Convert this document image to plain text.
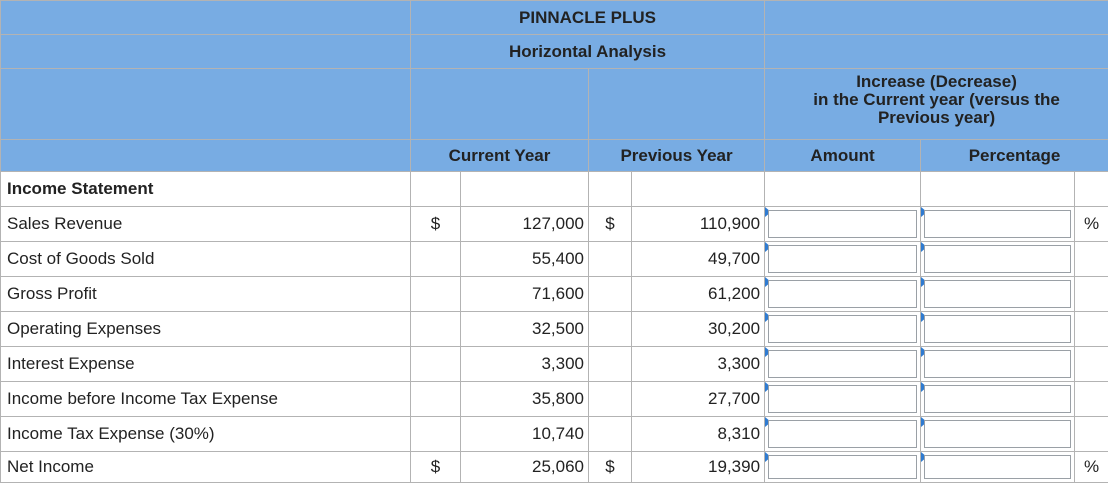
	PINNACLE PLUS						
	Horizontal Analysis						

					Increase (Decrease)
in the Current year (versus the
Previous year)		

	Current Year		Previous Year		Amount	Percentage	
Income Statement							
Sales Revenue	$	127,000	$	110,900			%
Cost of Goods Sold		55,400		49,700	

Gross Profit		71,600		61,200	

Operating Expenses		32,500		30,200	

Interest Expense		3,300		3,300	

Income before Income Tax Expense		35,800		27,700	

Income Tax Expense (30%)		10,740		8,310	

Net Income	$	25,060	$	19,390			%
